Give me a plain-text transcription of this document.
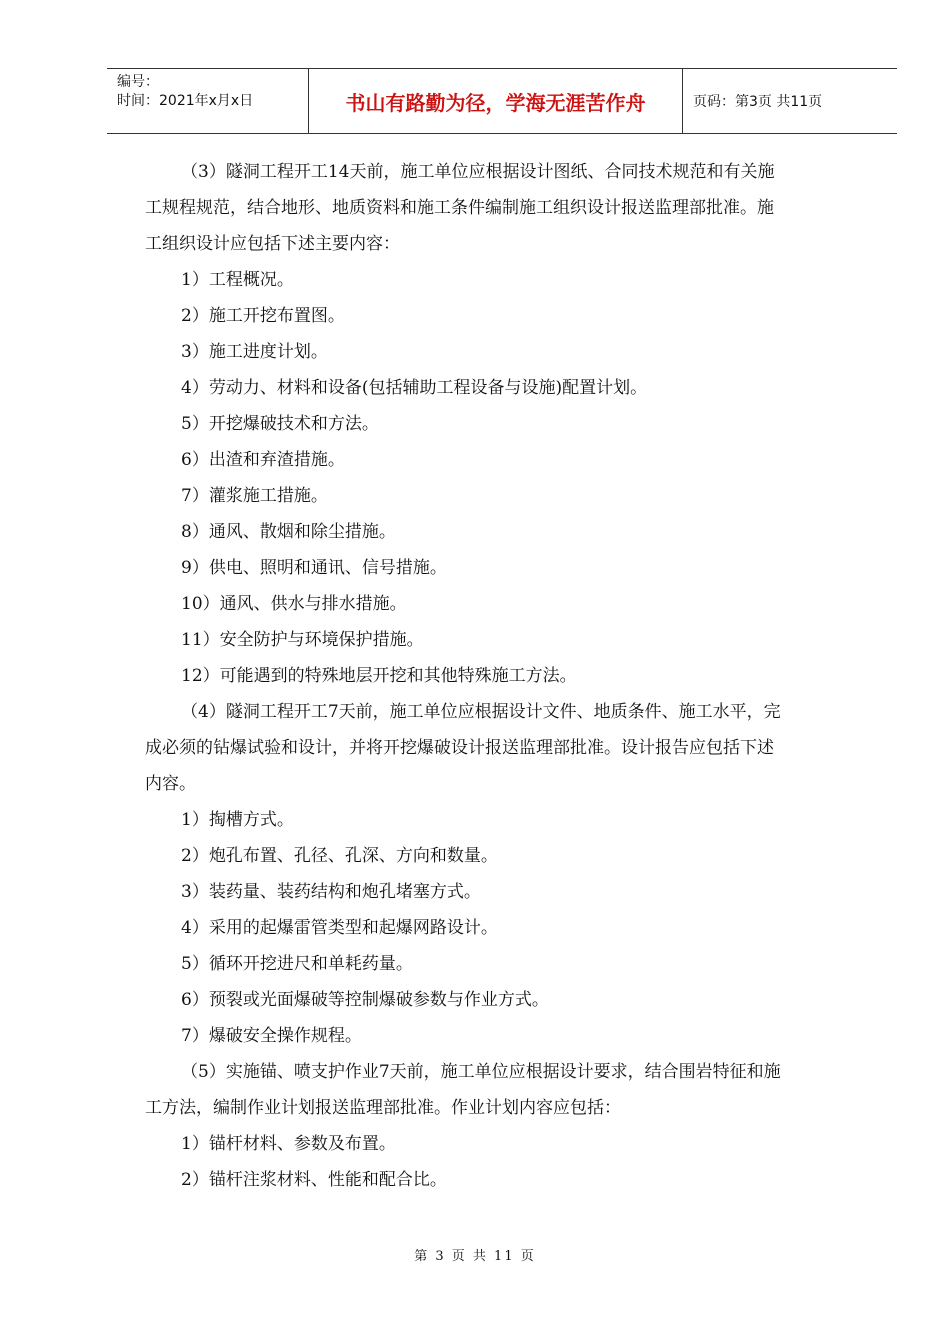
编号：
时间：2021年x月x日	书山有路勤为径，学海无涯苦作舟	页码：第3页 共11页
（3）隧洞工程开工14天前，施工单位应根据设计图纸、合同技术规范和有关施
工规程规范，结合地形、地质资料和施工条件编制施工组织设计报送监理部批准。施
工组织设计应包括下述主要内容：
1）工程概况。
2）施工开挖布置图。
3）施工进度计划。
4）劳动力、材料和设备(包括辅助工程设备与设施)配置计划。
5）开挖爆破技术和方法。
6）出渣和弃渣措施。
7）灌浆施工措施。
8）通风、散烟和除尘措施。
9）供电、照明和通讯、信号措施。
10）通风、供水与排水措施。
11）安全防护与环境保护措施。
12）可能遇到的特殊地层开挖和其他特殊施工方法。
（4）隧洞工程开工7天前，施工单位应根据设计文件、地质条件、施工水平，完
成必须的钻爆试验和设计，并将开挖爆破设计报送监理部批准。设计报告应包括下述
内容。
1）掏槽方式。
2）炮孔布置、孔径、孔深、方向和数量。
3）装药量、装药结构和炮孔堵塞方式。
4）采用的起爆雷管类型和起爆网路设计。
5）循环开挖进尺和单耗药量。
6）预裂或光面爆破等控制爆破参数与作业方式。
7）爆破安全操作规程。
（5）实施锚、喷支护作业7天前，施工单位应根据设计要求，结合围岩特征和施
工方法，编制作业计划报送监理部批准。作业计划内容应包括：
1）锚杆材料、参数及布置。
2）锚杆注浆材料、性能和配合比。
第 3 页 共 11 页
